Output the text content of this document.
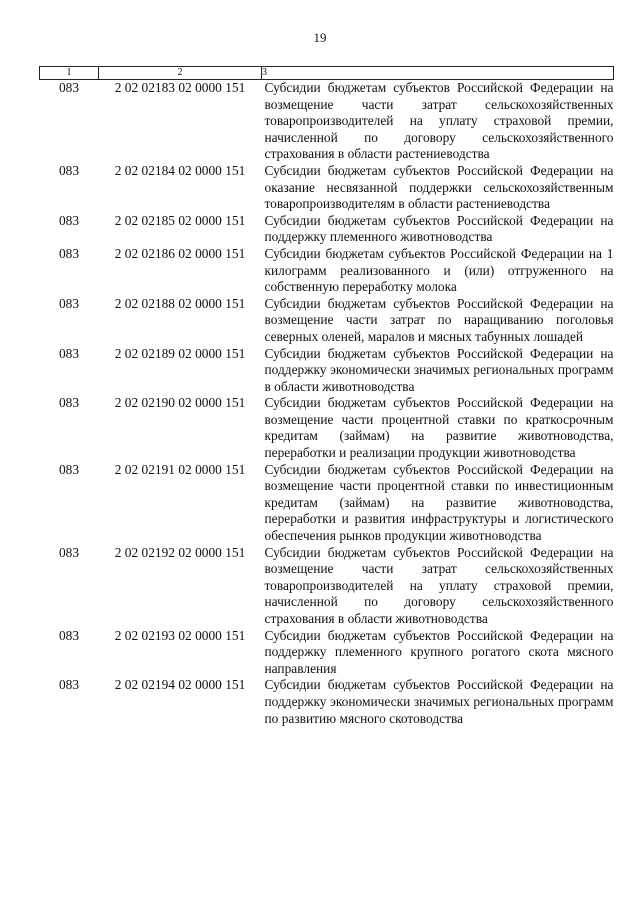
19
1	2	3
083	2 02 02183 02 0000 151	Субсидии бюджетам субъектов Российской Федерации на возмещение части затрат сельскохозяйственных товаропроизводителей на уплату страховой премии, начисленной по договору сельскохозяйственного страхования в области растениеводства

083	2 02 02184 02 0000 151	Субсидии бюджетам субъектов Российской Федерации на оказание несвязанной поддержки сельскохозяйственным товаропроизводителям в области растениеводства

083	2 02 02185 02 0000 151	Субсидии бюджетам субъектов Российской Федерации на поддержку племенного животноводства

083	2 02 02186 02 0000 151	Субсидии бюджетам субъектов Российской Федерации на 1 килограмм реализованного и (или) отгруженного на собственную переработку молока

083	2 02 02188 02 0000 151	Субсидии бюджетам субъектов Российской Федерации на возмещение части затрат по наращиванию поголовья северных оленей, маралов и мясных табунных лошадей

083	2 02 02189 02 0000 151	Субсидии бюджетам субъектов Российской Федерации на поддержку экономически значимых региональных программ в области животноводства

083	2 02 02190 02 0000 151	Субсидии бюджетам субъектов Российской Федерации на возмещение части процентной ставки по краткосрочным кредитам (займам) на развитие животноводства, переработки и реализации продукции животноводства

083	2 02 02191 02 0000 151	Субсидии бюджетам субъектов Российской Федерации на возмещение части процентной ставки по инвестиционным кредитам (займам) на развитие животноводства, переработки и развития инфраструктуры и логистического обеспечения рынков продукции животноводства

083	2 02 02192 02 0000 151	Субсидии бюджетам субъектов Российской Федерации на возмещение части затрат сельскохозяйственных товаропроизводителей на уплату страховой премии, начисленной по договору сельскохозяйственного страхования в области животноводства

083	2 02 02193 02 0000 151	Субсидии бюджетам субъектов Российской Федерации на поддержку племенного крупного рогатого скота мясного направления

083	2 02 02194 02 0000 151	Субсидии бюджетам субъектов Российской Федерации на поддержку экономически значимых региональных программ по развитию мясного скотоводства
